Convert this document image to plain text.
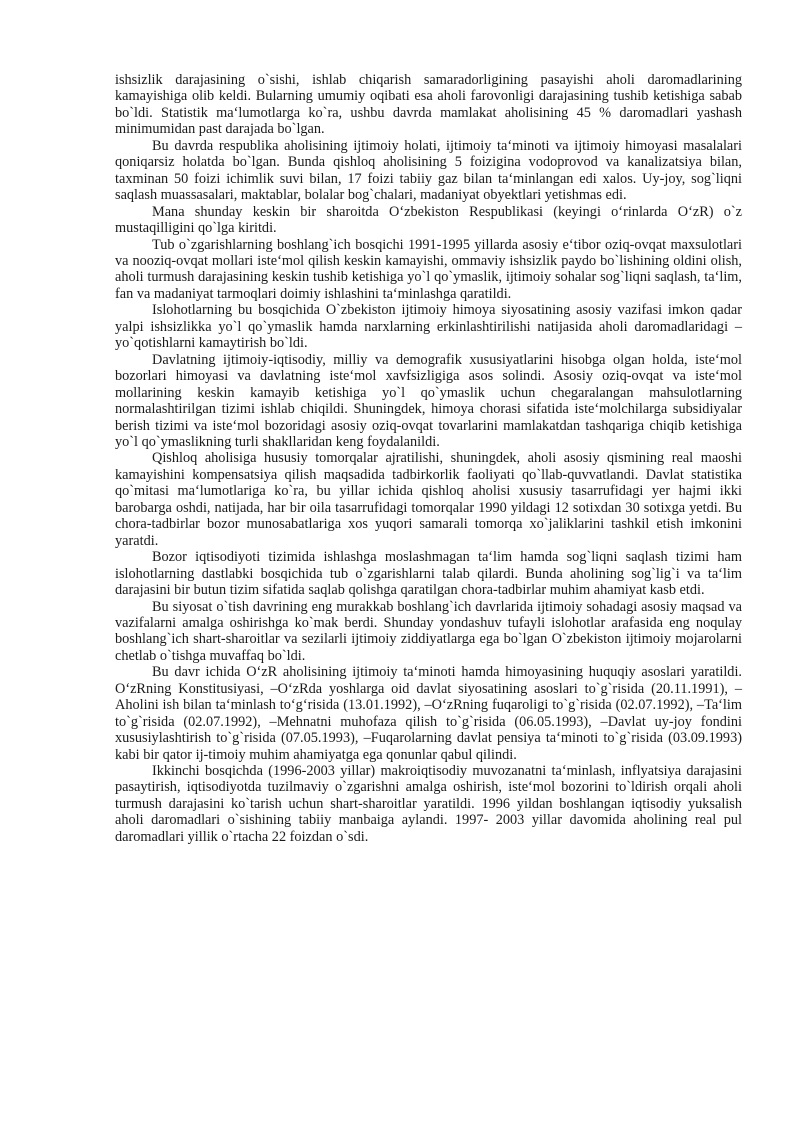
ishsizlik darajasining o`sishi, ishlab chiqarish samaradorligining pasayishi aholi daromadlarining kamayishiga olib keldi. Bularning umumiy oqibati esa aholi farovonligi darajasining tushib ketishiga sabab bo`ldi. Statistik ma‘lumotlarga ko`ra, ushbu davrda mamlakat aholisining 45 % daromadlari yashash minimumidan past darajada bo`lgan.

Bu davrda respublika aholisining ijtimoiy holati, ijtimoiy ta‘minoti va ijtimoiy himoyasi masalalari qoniqarsiz holatda bo`lgan. Bunda qishloq aholisining 5 foizigina vodoprovod va kanalizatsiya bilan, taxminan 50 foizi ichimlik suvi bilan, 17 foizi tabiiy gaz bilan ta‘minlangan edi xalos. Uy-joy, sog`liqni saqlash muassasalari, maktablar, bolalar bog`chalari, madaniyat obyektlari yetishmas edi.

Mana shunday keskin bir sharoitda O‘zbekiston Respublikasi (keyingi o‘rinlarda O‘zR) o`z mustaqilligini qo`lga kiritdi.

Tub o`zgarishlarning boshlang`ich bosqichi 1991-1995 yillarda asosiy e‘tibor oziq-ovqat maxsulotlari va nooziq-ovqat mollari iste‘mol qilish keskin kamayishi, ommaviy ishsizlik paydo bo`lishining oldini olish, aholi turmush darajasining keskin tushib ketishiga yo`l qo`ymaslik, ijtimoiy sohalar sog`liqni saqlash, ta‘lim, fan va madaniyat tarmoqlari doimiy ishlashini ta‘minlashga qaratildi.

Islohotlarning bu bosqichida O`zbekiston ijtimoiy himoya siyosatining asosiy vazifasi imkon qadar yalpi ishsizlikka yo`l qo`ymaslik hamda narxlarning erkinlashtirilishi natijasida aholi daromadlaridagi –yo`qotishlarni kamaytirish bo`ldi.

Davlatning ijtimoiy-iqtisodiy, milliy va demografik xususiyatlarini hisobga olgan holda, iste‘mol bozorlari himoyasi va davlatning iste‘mol xavfsizligiga asos solindi. Asosiy oziq-ovqat va iste‘mol mollarining keskin kamayib ketishiga yo`l qo`ymaslik uchun chegaralangan mahsulotlarning normalashtirilgan tizimi ishlab chiqildi. Shuningdek, himoya chorasi sifatida iste‘molchilarga subsidiyalar berish tizimi va iste‘mol bozoridagi asosiy oziq-ovqat tovarlarini mamlakatdan tashqariga chiqib ketishiga yo`l qo`ymaslikning turli shakllaridan keng foydalanildi.

Qishloq aholisiga hususiy tomorqalar ajratilishi, shuningdek, aholi asosiy qismining real maoshi kamayishini kompensatsiya qilish maqsadida tadbirkorlik faoliyati qo`llab-quvvatlandi. Davlat statistika qo`mitasi ma‘lumotlariga ko`ra, bu yillar ichida qishloq aholisi xususiy tasarrufidagi yer hajmi ikki barobarga oshdi, natijada, har bir oila tasarrufidagi tomorqalar 1990 yildagi 12 sotixdan 30 sotixga yetdi. Bu chora-tadbirlar bozor munosabatlariga xos yuqori samarali tomorqa xo`jaliklarini tashkil etish imkonini yaratdi.

Bozor iqtisodiyoti tizimida ishlashga moslashmagan ta‘lim hamda sog`liqni saqlash tizimi ham islohotlarning dastlabki bosqichida tub o`zgarishlarni talab qilardi. Bunda aholining sog`lig`i va ta‘lim darajasini bir butun tizim sifatida saqlab qolishga qaratilgan chora-tadbirlar muhim ahamiyat kasb etdi.

Bu siyosat o`tish davrining eng murakkab boshlang`ich davrlarida ijtimoiy sohadagi asosiy maqsad va vazifalarni amalga oshirishga ko`mak berdi. Shunday yondashuv tufayli islohotlar arafasida eng noqulay boshlang`ich shart-sharoitlar va sezilarli ijtimoiy ziddiyatlarga ega bo`lgan O`zbekiston ijtimoiy mojarolarni chetlab o`tishga muvaffaq bo`ldi.

Bu davr ichida O‘zR aholisining ijtimoiy ta‘minoti hamda himoyasining huquqiy asoslari yaratildi. O‘zRning Konstitusiyasi, –O‘zRda yoshlarga oid davlat siyosatining asoslari to`g`risida (20.11.1991), –Aholini ish bilan ta‘minlash to‘g‘risida (13.01.1992), –O‘zRning fuqaroligi to`g`risida (02.07.1992), –Ta‘lim to`g`risida (02.07.1992), –Mehnatni muhofaza qilish to`g`risida (06.05.1993), –Davlat uy-joy fondini xususiylashtirish to`g`risida (07.05.1993), –Fuqarolarning davlat pensiya ta‘minoti to`g`risida (03.09.1993) kabi bir qator ij-timoiy muhim ahamiyatga ega qonunlar qabul qilindi.

Ikkinchi bosqichda (1996-2003 yillar) makroiqtisodiy muvozanatni ta‘minlash, inflyatsiya darajasini pasaytirish, iqtisodiyotda tuzilmaviy o`zgarishni amalga oshirish, iste‘mol bozorini to`ldirish orqali aholi turmush darajasini ko`tarish uchun shart-sharoitlar yaratildi. 1996 yildan boshlangan iqtisodiy yuksalish aholi daromadlari o`sishining tabiiy manbaiga aylandi. 1997- 2003 yillar davomida aholining real pul daromadlari yillik o`rtacha 22 foizdan o`sdi.
